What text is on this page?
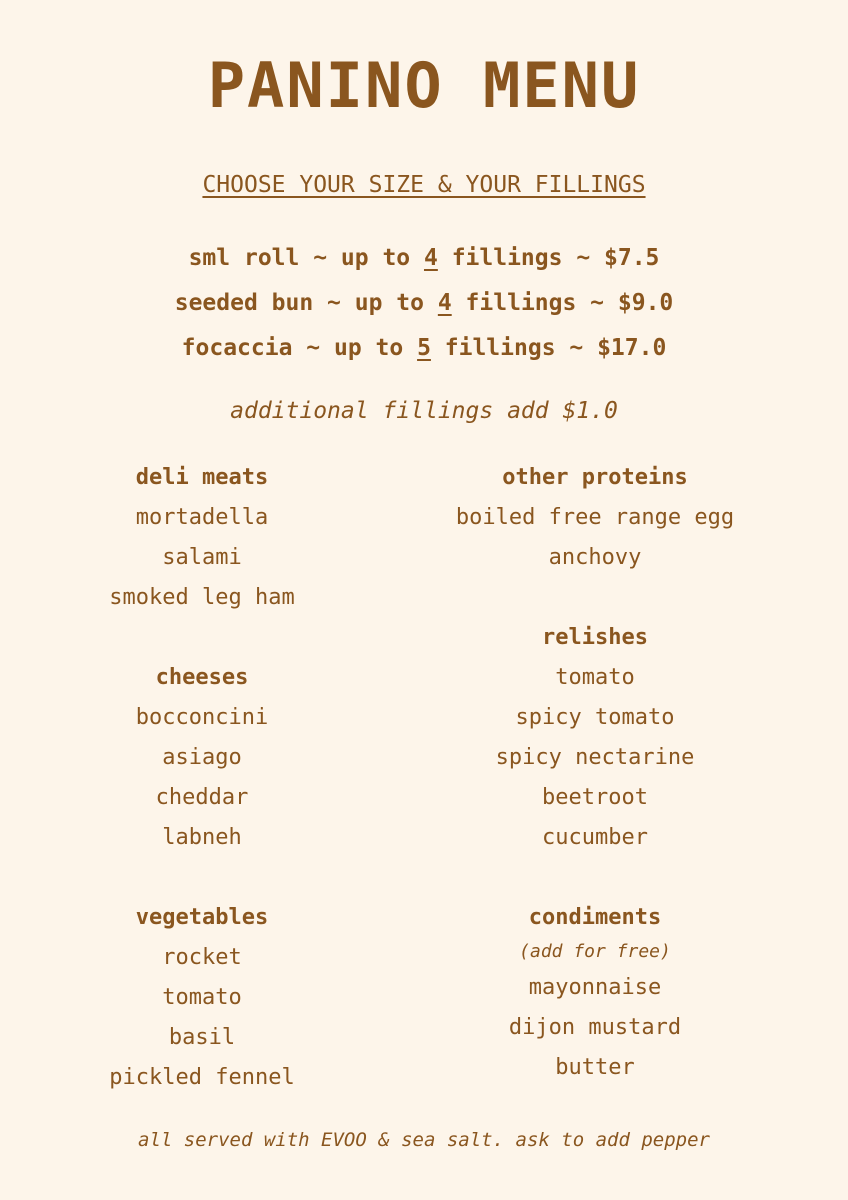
PANINO MENU
CHOOSE YOUR SIZE & YOUR FILLINGS
sml roll ~ up to 4 fillings ~ $7.5
seeded bun ~ up to 4 fillings ~ $9.0
focaccia ~ up to 5 fillings ~ $17.0
additional fillings add $1.0
deli meats
mortadella
salami
smoked leg ham
cheeses
bocconcini
asiago
cheddar
labneh
vegetables
rocket
tomato
basil
pickled fennel
other proteins
boiled free range egg
anchovy
relishes
tomato
spicy tomato
spicy nectarine
beetroot
cucumber
condiments
(add for free)
mayonnaise
dijon mustard
butter
all served with EVOO & sea salt. ask to add pepper
